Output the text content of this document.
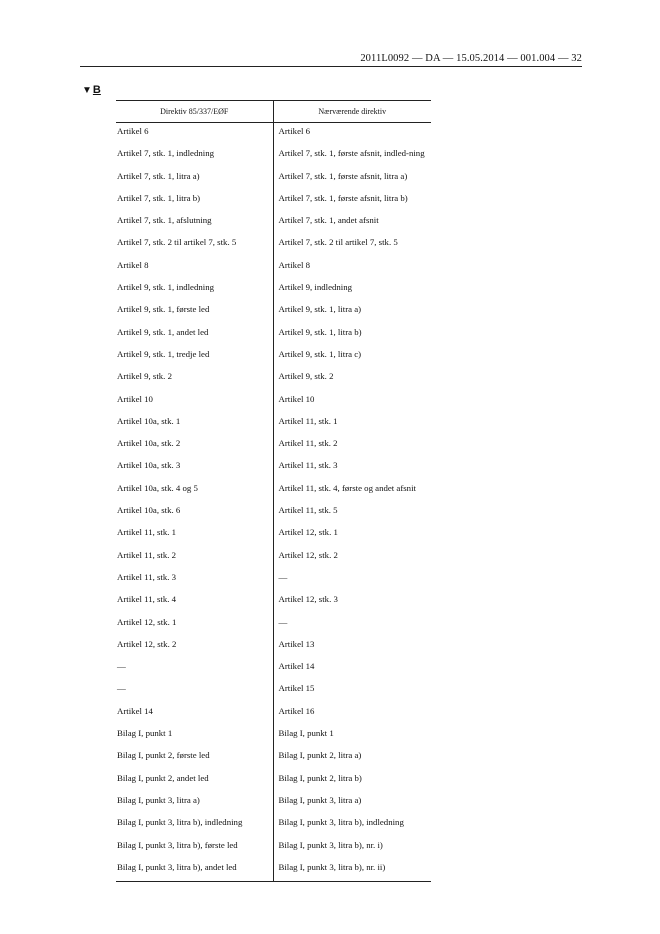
2011L0092 — DA — 15.05.2014 — 001.004 — 32
▼B
Direktiv 85/337/EØF	Nærværende direktiv
Artikel 6	Artikel 6
Artikel 7, stk. 1, indledning	Artikel 7, stk. 1, første afsnit, indled-ning
Artikel 7, stk. 1, litra a)	Artikel 7, stk. 1, første afsnit, litra a)
Artikel 7, stk. 1, litra b)	Artikel 7, stk. 1, første afsnit, litra b)
Artikel 7, stk. 1, afslutning	Artikel 7, stk. 1, andet afsnit
Artikel 7, stk. 2 til artikel 7, stk. 5	Artikel 7, stk. 2 til artikel 7, stk. 5
Artikel 8	Artikel 8
Artikel 9, stk. 1, indledning	Artikel 9, indledning
Artikel 9, stk. 1, første led	Artikel 9, stk. 1, litra a)
Artikel 9, stk. 1, andet led	Artikel 9, stk. 1, litra b)
Artikel 9, stk. 1, tredje led	Artikel 9, stk. 1, litra c)
Artikel 9, stk. 2	Artikel 9, stk. 2
Artikel 10	Artikel 10
Artikel 10a, stk. 1	Artikel 11, stk. 1
Artikel 10a, stk. 2	Artikel 11, stk. 2
Artikel 10a, stk. 3	Artikel 11, stk. 3
Artikel 10a, stk. 4 og 5	Artikel 11, stk. 4, første og andet afsnit
Artikel 10a, stk. 6	Artikel 11, stk. 5
Artikel 11, stk. 1	Artikel 12, stk. 1
Artikel 11, stk. 2	Artikel 12, stk. 2
Artikel 11, stk. 3	—
Artikel 11, stk. 4	Artikel 12, stk. 3
Artikel 12, stk. 1	—
Artikel 12, stk. 2	Artikel 13
—	Artikel 14
—	Artikel 15
Artikel 14	Artikel 16
Bilag I, punkt 1	Bilag I, punkt 1
Bilag I, punkt 2, første led	Bilag I, punkt 2, litra a)
Bilag I, punkt 2, andet led	Bilag I, punkt 2, litra b)
Bilag I, punkt 3, litra a)	Bilag I, punkt 3, litra a)
Bilag I, punkt 3, litra b), indledning	Bilag I, punkt 3, litra b), indledning
Bilag I, punkt 3, litra b), første led	Bilag I, punkt 3, litra b), nr. i)
Bilag I, punkt 3, litra b), andet led	Bilag I, punkt 3, litra b), nr. ii)
